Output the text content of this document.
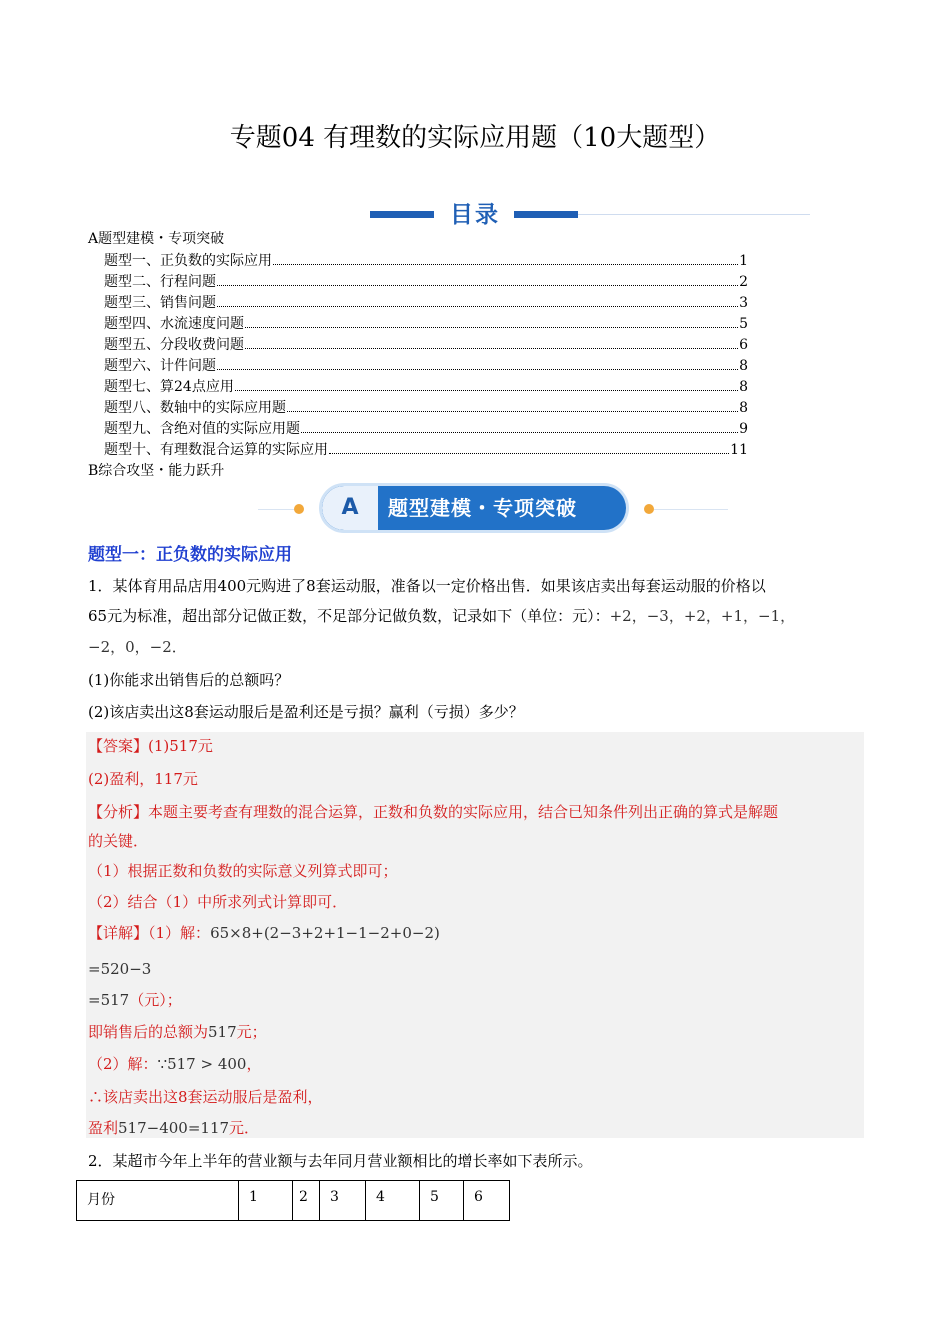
专题04 有理数的实际应用题（10大题型）
目录
A题型建模・专项突破
题型一、正负数的实际应用	1
题型二、行程问题	2
题型三、销售问题	3
题型四、水流速度问题	5
题型五、分段收费问题	6
题型六、计件问题	8
题型七、算24点应用	8
题型八、数轴中的实际应用题	8
题型九、含绝对值的实际应用题	9
题型十、有理数混合运算的实际应用	11
B综合攻坚・能力跃升
A	题型建模・专项突破
题型一：正负数的实际应用
1．某体育用品店用400元购进了8套运动服，准备以一定价格出售．如果该店卖出每套运动服的价格以
65元为标准，超出部分记做正数，不足部分记做负数，记录如下（单位：元）：+2，−3，+2，+1，−1，
−2，0，−2．
(1)你能求出销售后的总额吗？
(2)该店卖出这8套运动服后是盈利还是亏损？赢利（亏损）多少？
【答案】(1)517元
(2)盈利，117元
【分析】本题主要考查有理数的混合运算，正数和负数的实际应用，结合已知条件列出正确的算式是解题
的关键．
（1）根据正数和负数的实际意义列算式即可；
（2）结合（1）中所求列式计算即可．
【详解】（1）解：65×8+(2−3+2+1−1−2+0−2)
=520−3
=517（元）；
即销售后的总额为517元；
（2）解：∵517 > 400，
∴该店卖出这8套运动服后是盈利，
盈利517−400=117元．
2．某超市今年上半年的营业额与去年同月营业额相比的增长率如下表所示。
月份	1	2	3	4	5	6
